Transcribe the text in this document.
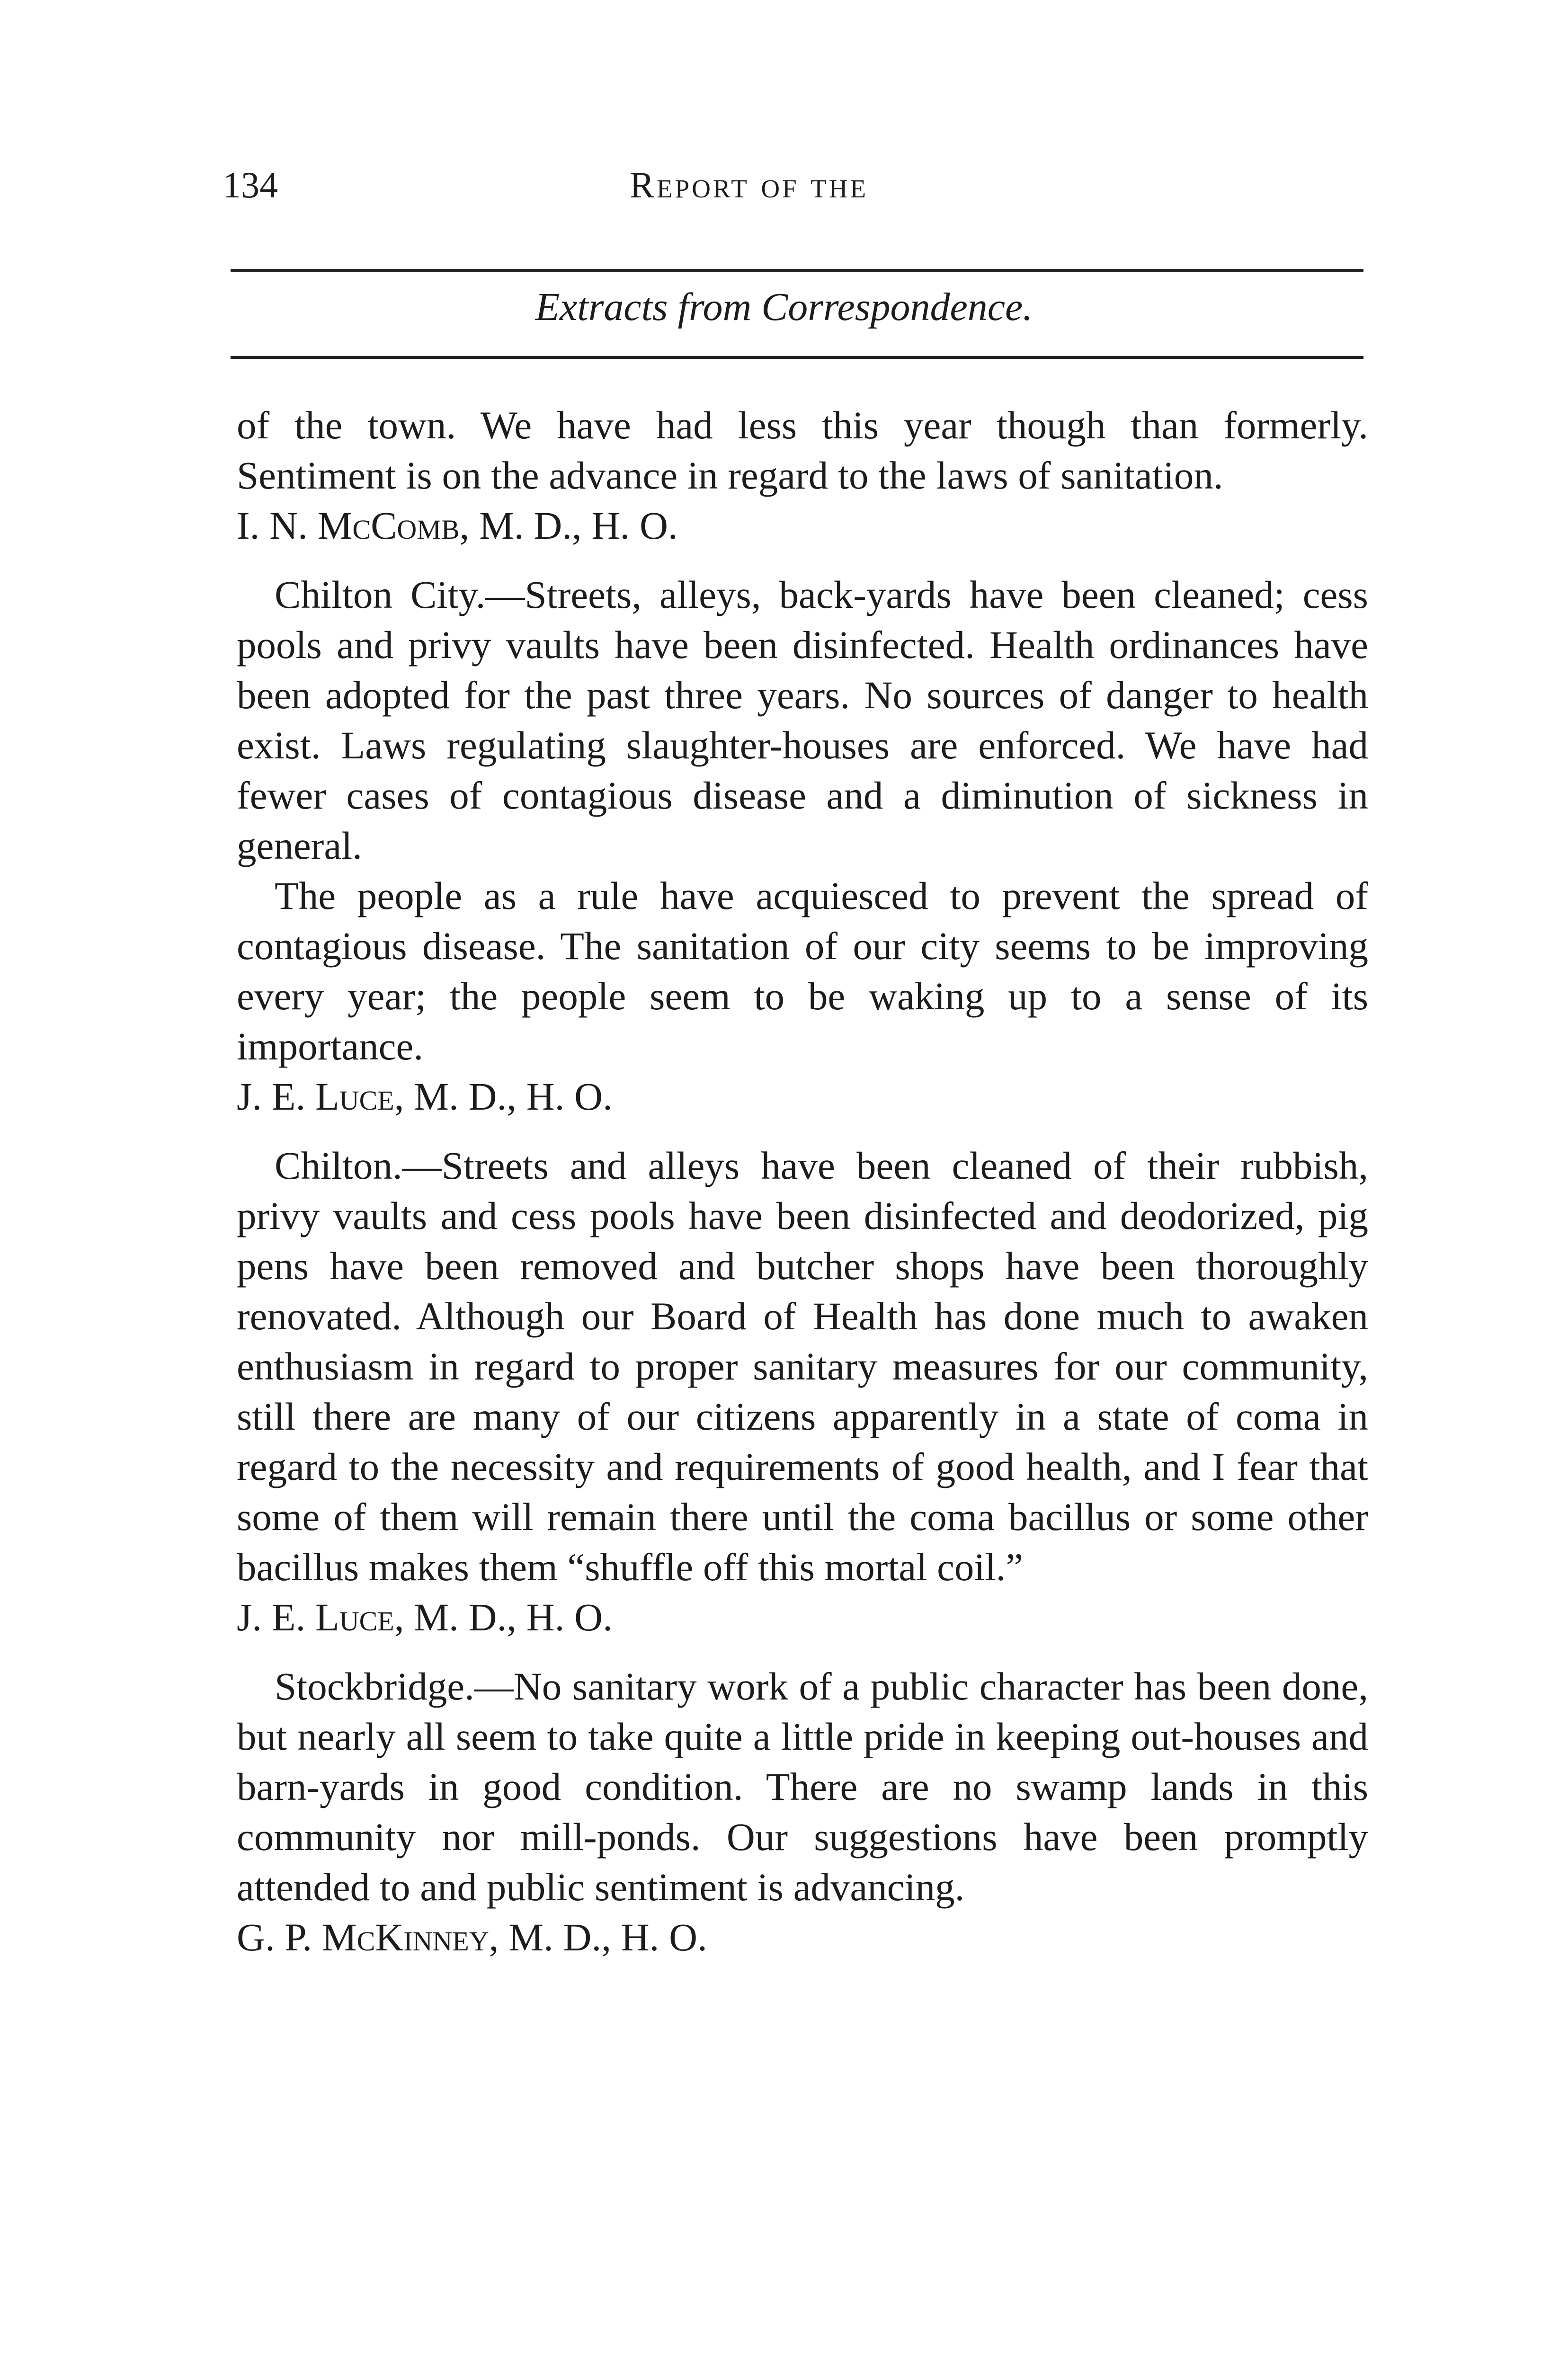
134	Report of the
Extracts from Correspondence.

of the town. We have had less this year though than formerly. Sentiment is on the advance in regard to the laws of sanitation.

I. N. McComb, M. D., H. O.

Chilton City.—Streets, alleys, back-yards have been cleaned; cess pools and privy vaults have been disinfected. Health ordinances have been adopted for the past three years. No sources of danger to health exist. Laws regulating slaughter-houses are enforced. We have had fewer cases of contagious disease and a diminution of sickness in general.

The people as a rule have acquiesced to prevent the spread of contagious disease. The sanitation of our city seems to be improving every year; the people seem to be waking up to a sense of its importance.

J. E. Luce, M. D., H. O.

Chilton.—Streets and alleys have been cleaned of their rubbish, privy vaults and cess pools have been disinfected and deodorized, pig pens have been removed and butcher shops have been thoroughly renovated. Although our Board of Health has done much to awaken enthusiasm in regard to proper sanitary measures for our community, still there are many of our citizens apparently in a state of coma in regard to the necessity and requirements of good health, and I fear that some of them will remain there until the coma bacillus or some other bacillus makes them “shuffle off this mortal coil.”

J. E. Luce, M. D., H. O.

Stockbridge.—No sanitary work of a public character has been done, but nearly all seem to take quite a little pride in keeping out-houses and barn-yards in good condition. There are no swamp lands in this community nor mill-ponds. Our suggestions have been promptly attended to and public sentiment is advancing.

G. P. McKinney, M. D., H. O.
